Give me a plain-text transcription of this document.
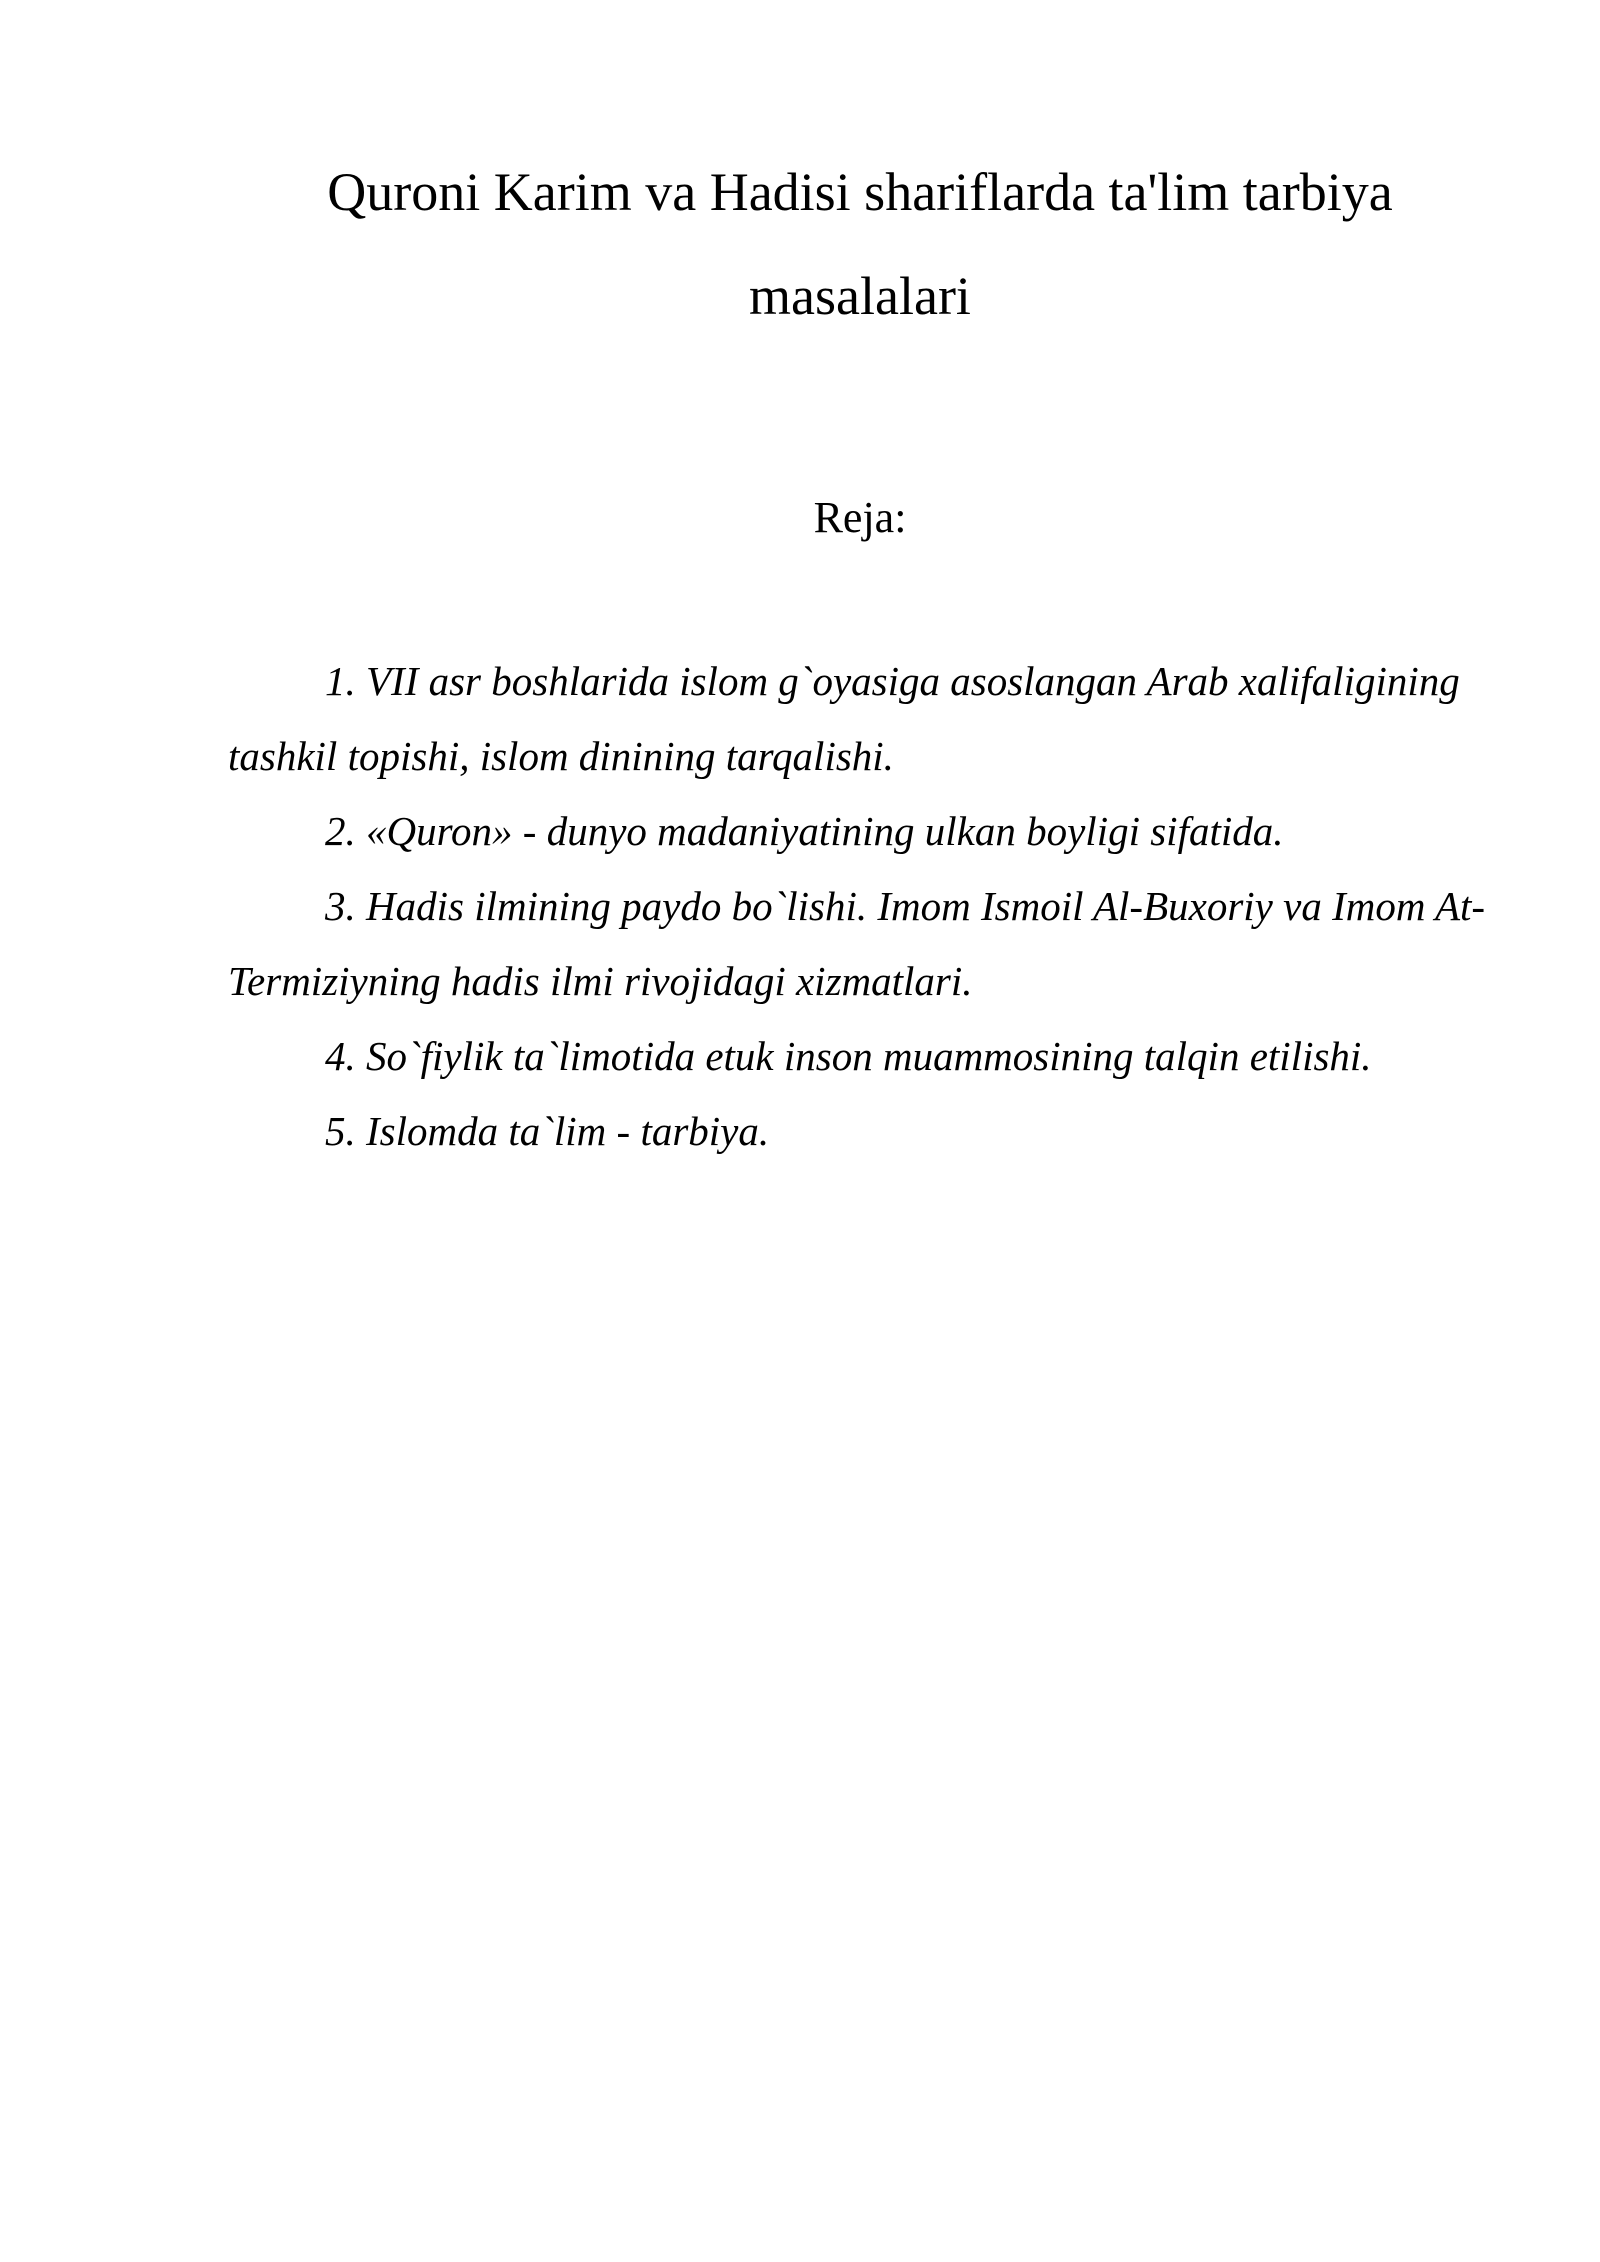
Quroni Karim va Hadisi shariflarda ta'lim tarbiya masalalari
Reja:
1. VII asr boshlarida islom g`oyasiga asoslangan Arab xalifaligining tashkil topishi, islom dinining tarqalishi.
2. «Quron» - dunyo madaniyatining ulkan boyligi sifatida.
3. Hadis ilmining paydo bo`lishi. Imom Ismoil Al-Buxoriy va Imom At-Termiziyning hadis ilmi rivojidagi xizmatlari.
4. So`fiylik ta`limotida etuk inson muammosining talqin etilishi.
5. Islomda ta`lim - tarbiya.
